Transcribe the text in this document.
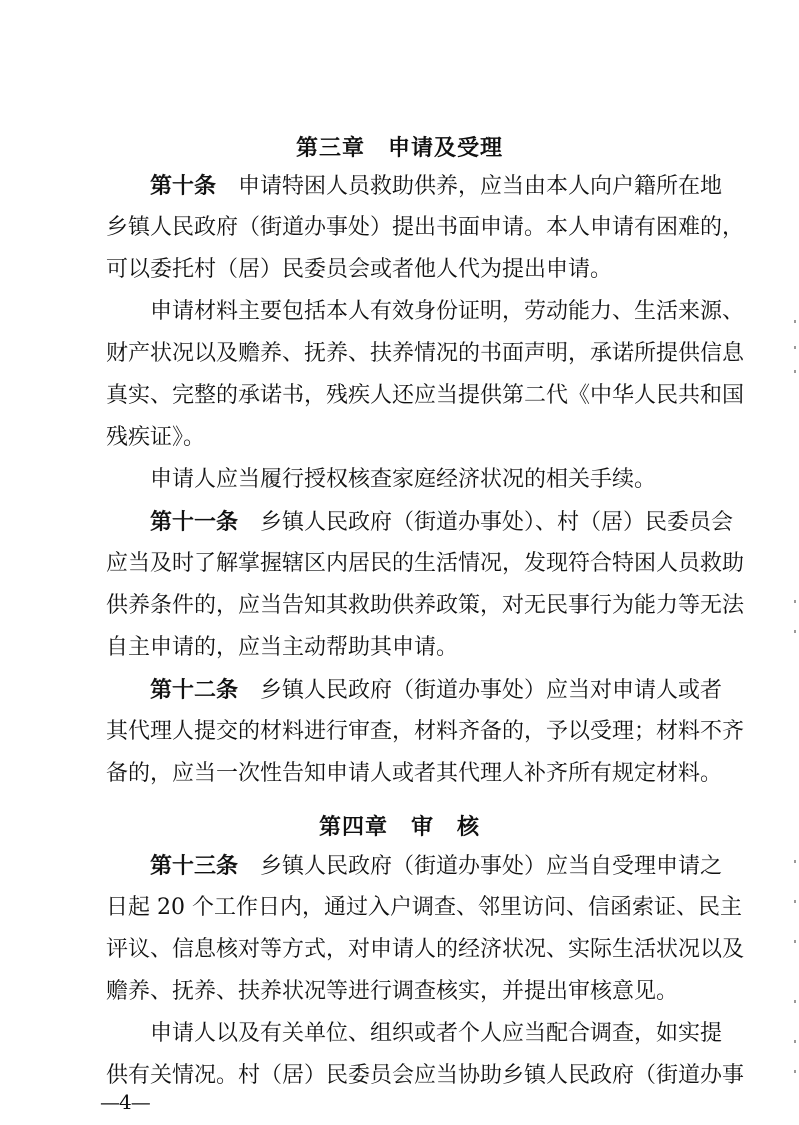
第三章　申请及受理
第十条　 申请特困人员救助供养，应当由本人向户籍所在地
乡镇人民政府（街道办事处）提出书面申请。本人申请有困难的，
可以委托村（居）民委员会或者他人代为提出申请。
申请材料主要包括本人有效身份证明，劳动能力、生活来源、
财产状况以及赡养、抚养、扶养情况的书面声明，承诺所提供信息
真实、完整的承诺书，残疾人还应当提供第二代《中华人民共和国
残疾证》。
申请人应当履行授权核查家庭经济状况的相关手续。
第十一条　 乡镇人民政府（街道办事处）、村（居）民委员会
应当及时了解掌握辖区内居民的生活情况，发现符合特困人员救助
供养条件的，应当告知其救助供养政策，对无民事行为能力等无法
自主申请的，应当主动帮助其申请。
第十二条　 乡镇人民政府（街道办事处）应当对申请人或者
其代理人提交的材料进行审查，材料齐备的，予以受理；材料不齐
备的，应当一次性告知申请人或者其代理人补齐所有规定材料。
第四章　审　核
第十三条　 乡镇人民政府（街道办事处）应当自受理申请之
日起 20 个工作日内，通过入户调查、邻里访问、信函索证、民主
评议、信息核对等方式，对申请人的经济状况、实际生活状况以及
赡养、抚养、扶养状况等进行调查核实，并提出审核意见。
申请人以及有关单位、组织或者个人应当配合调查，如实提
供有关情况。村（居）民委员会应当协助乡镇人民政府（街道办事
—4—
